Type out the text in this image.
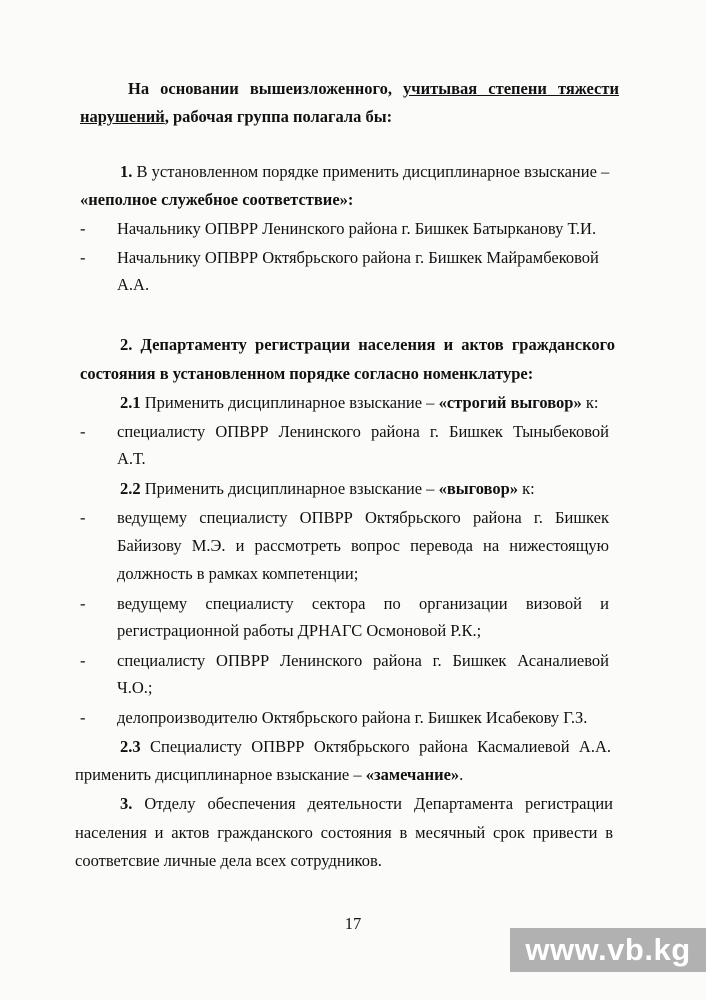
На основании вышеизложенного, учитывая степени тяжести
нарушений, рабочая группа полагала бы:
1. В установленном порядке применить дисциплинарное взыскание –
«неполное служебное соответствие»:
- Начальнику ОПВРР Ленинского района г. Бишкек Батырканову Т.И.
- Начальнику ОПВРР Октябрьского района г. Бишкек Майрамбековой
А.А.
2. Департаменту регистрации населения и актов гражданского
состояния в установленном порядке согласно номенклатуре:
2.1 Применить дисциплинарное взыскание – «строгий выговор» к:
- специалисту ОПВРР Ленинского района г. Бишкек Тыныбековой
А.Т.
2.2 Применить дисциплинарное взыскание – «выговор» к:
- ведущему специалисту ОПВРР Октябрьского района г. Бишкек
Байизову М.Э. и рассмотреть вопрос перевода на нижестоящую
должность в рамках компетенции;
- ведущему специалисту сектора по организации визовой и
регистрационной работы ДРНАГС Осмоновой Р.К.;
- специалисту ОПВРР Ленинского района г. Бишкек Асаналиевой
Ч.О.;
- делопроизводителю Октябрьского района г. Бишкек Исабекову Г.З.
2.3 Специалисту ОПВРР Октябрьского района Касмалиевой А.А.
применить дисциплинарное взыскание – «замечание».
3. Отделу обеспечения деятельности Департамента регистрации
населения и актов гражданского состояния в месячный срок привести в
соответсвие личные дела всех сотрудников.
17
www.vb.kg
